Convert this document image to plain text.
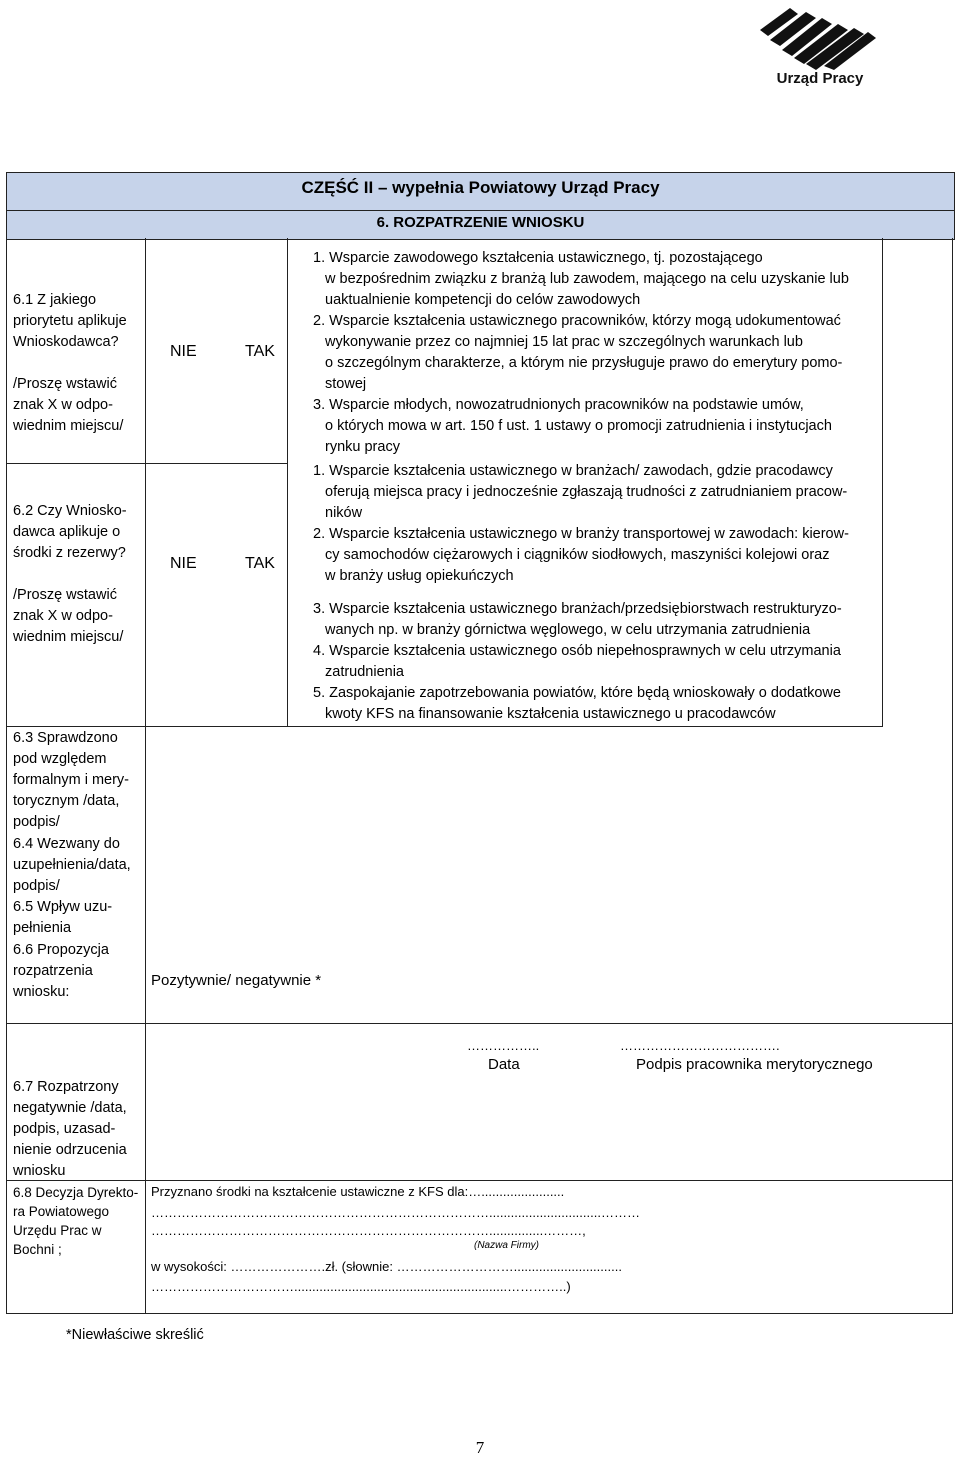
Urząd Pracy
CZĘŚĆ II – wypełnia Powiatowy Urząd Pracy
6. ROZPATRZENIE WNIOSKU
6.1 Z jakiego
priorytetu aplikuje
Wnioskodawca?
/Proszę wstawić
znak X w odpo-
wiednim miejscu/
6.2 Czy Wniosko-
dawca aplikuje o
środki z rezerwy?
/Proszę wstawić
znak X w odpo-
wiednim miejscu/
6.3 Sprawdzono
pod względem
formalnym i mery-
torycznym /data,
podpis/
6.4 Wezwany do
uzupełnienia/data,
podpis/
6.5 Wpływ uzu-
pełnienia
6.6 Propozycja
rozpatrzenia
wniosku:
6.7 Rozpatrzony
negatywnie /data,
podpis, uzasad-
nienie odrzucenia
wniosku
6.8 Decyzja Dyrekto-
ra Powiatowego
Urzędu Prac w
Bochni ;
NIE	TAK
NIE	TAK
1. Wsparcie zawodowego kształcenia ustawicznego, tj. pozostającego
w bezpośrednim związku z branżą lub zawodem, mającego na celu uzyskanie lub
uaktualnienie kompetencji do celów zawodowych
2. Wsparcie kształcenia ustawicznego pracowników, którzy mogą udokumentować
wykonywanie przez co najmniej 15 lat prac w szczególnych warunkach lub
o szczególnym charakterze, a którym nie przysługuje prawo do emerytury pomo-
stowej
3. Wsparcie młodych, nowozatrudnionych pracowników na podstawie umów,
o których mowa w art. 150 f ust. 1 ustawy o promocji zatrudnienia i instytucjach
rynku pracy
1. Wsparcie kształcenia ustawicznego w branżach/ zawodach, gdzie pracodawcy
oferują miejsca pracy i jednocześnie zgłaszają trudności z zatrudnianiem pracow-
ników
2. Wsparcie kształcenia ustawicznego w branży transportowej w zawodach: kierow-
cy samochodów ciężarowych i ciągników siodłowych, maszyniści kolejowi oraz
w branży usług opiekuńczych
3. Wsparcie kształcenia ustawicznego branżach/przedsiębiorstwach restrukturyzo-
wanych np. w branży górnictwa węglowego, w celu utrzymania zatrudnienia
4. Wsparcie kształcenia ustawicznego osób niepełnosprawnych w celu utrzymania
zatrudnienia
5. Zaspokajanie zapotrzebowania powiatów, które będą wnioskowały o dodatkowe
kwoty KFS na finansowanie kształcenia ustawicznego u pracodawców
Pozytywnie/ negatywnie *
……………..
Data
……………………………….
Podpis pracownika merytorycznego
Przyznano środki na kształcenie ustawiczne z KFS dla:….......................
……………………………………………………………………...............................………
……………………………………………………………………...............………,
(Nazwa Firmy)
w wysokości: ………………….zł. (słownie: ………………………..............................
……………………………...........................................................…………..)
*Niewłaściwe skreślić
7
